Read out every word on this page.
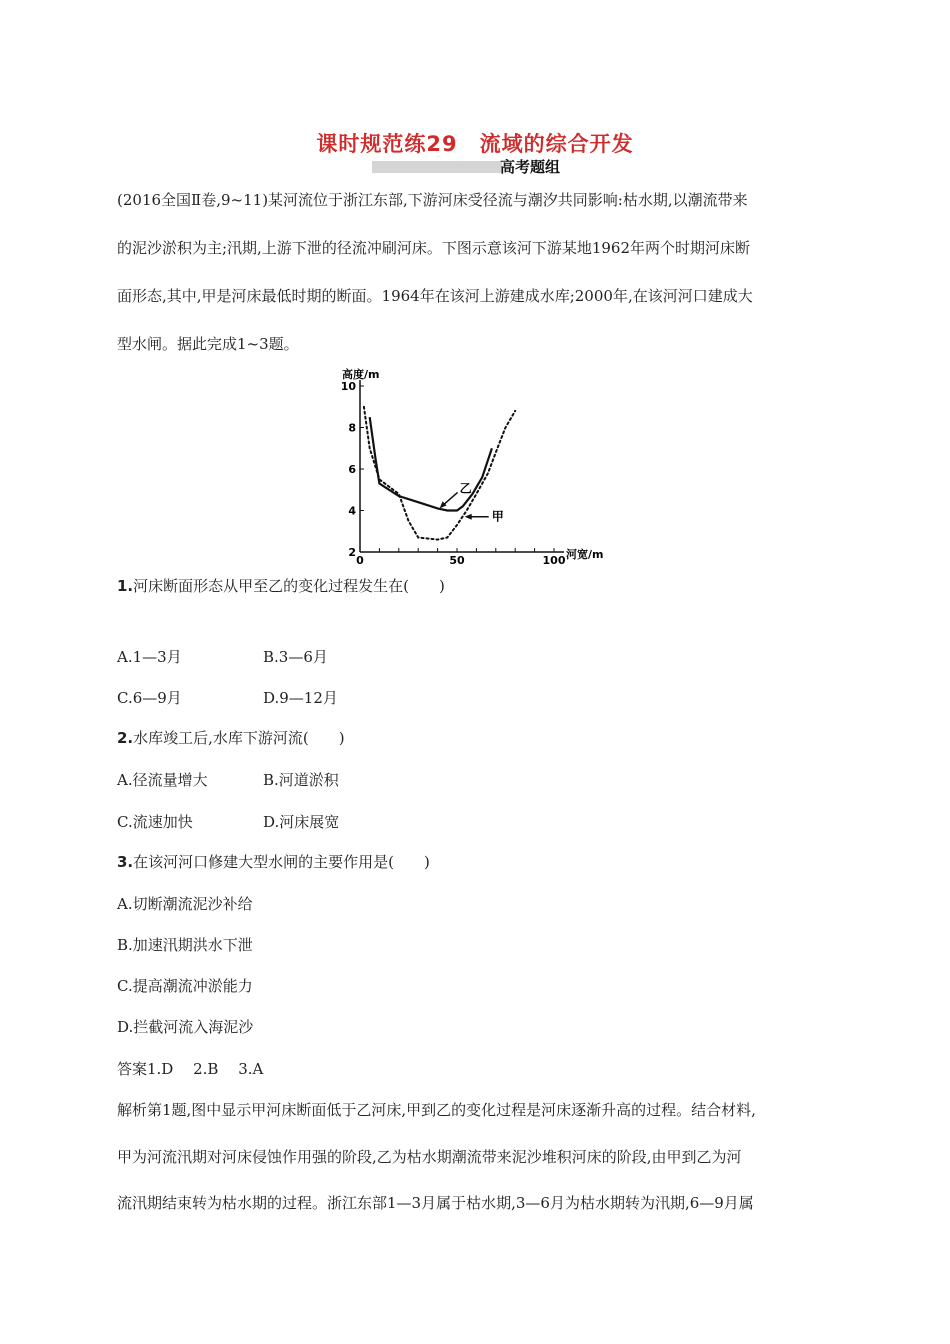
课时规范练29　流域的综合开发
高考题组
(2016全国Ⅱ卷,9~11)某河流位于浙江东部,下游河床受径流与潮汐共同影响:枯水期,以潮流带来
的泥沙淤积为主;汛期,上游下泄的径流冲刷河床。下图示意该河下游某地1962年两个时期河床断
面形态,其中,甲是河床最低时期的断面。1964年在该河上游建成水库;2000年,在该河河口建成大
型水闸。据此完成1~3题。
高度/m
河宽/m
2
4
6
8
10
0	50	100
乙
甲
1.河床断面形态从甲至乙的变化过程发生在(　　)
A.1—3月	B.3—6月
C.6—9月	D.9—12月
2.水库竣工后,水库下游河流(　　)
A.径流量增大	B.河道淤积
C.流速加快	D.河床展宽
3.在该河河口修建大型水闸的主要作用是(　　)
A.切断潮流泥沙补给
B.加速汛期洪水下泄
C.提高潮流冲淤能力
D.拦截河流入海泥沙
答案1.D　 2.B　 3.A
解析第1题,图中显示甲河床断面低于乙河床,甲到乙的变化过程是河床逐渐升高的过程。结合材料,
甲为河流汛期对河床侵蚀作用强的阶段,乙为枯水期潮流带来泥沙堆积河床的阶段,由甲到乙为河
流汛期结束转为枯水期的过程。浙江东部1—3月属于枯水期,3—6月为枯水期转为汛期,6—9月属
